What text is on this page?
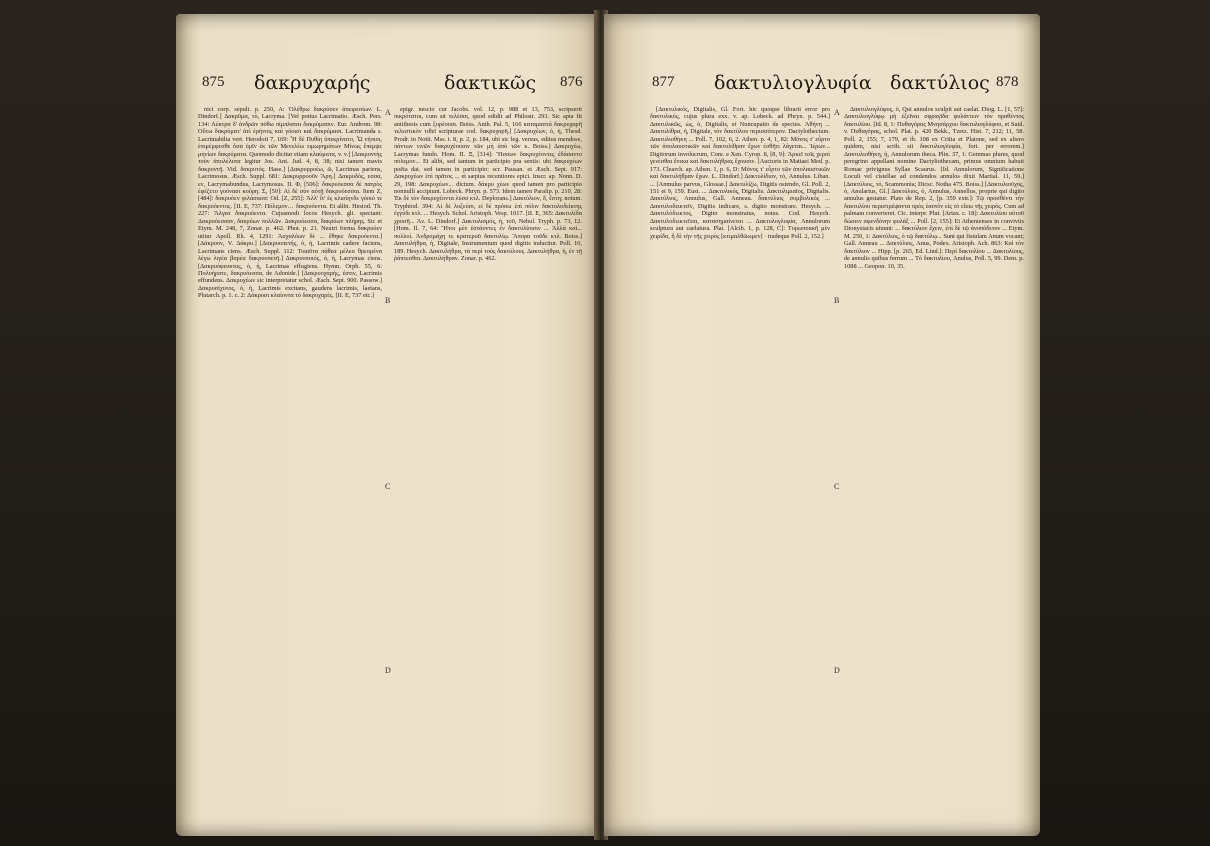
875 δακρυχαρής	δακτικῶς 876

nici corp. sepult. p. 250, A: Ὀλέθρω δακρύσεν ἀπειρεσίων. L. Dindorf.] Δακρῦμα, τὸ, Lacryma. [Vel potius Lacrimatio. Æsch. Pers. 134: Λέκτρα δ' ἀνδρῶν πόθω πίμπλαται δακρύμασιν. Eur. Androm. 98: Οὕτω δακρύματ' ἀεὶ ἐρήνοις καὶ γόοισι καὶ δακρύμασι. Lacrimanda s. Lacrimabilia vert. Herodoti 7, 169: Ἦ δὲ Πυθίη ὑπεκρίνατο, Ὦ νήπιοι, ἐπιμέμφεσθε ὅσα ὑμῖν ἐκ τῶν Μενελέω τιμωρημάτων Μίνως ἔπεμψε μηνίων δακρύματα. Quomodo dicitur etiam κλαύματα, v. v.] [Δακρυντὴς τοὺν ἀπολέλυτα legitur Jos. Ant. Jud. 4, 8, 38; nisi tamen mavis δακρυντῆ. Vid. δακρυτός. Hase.] [Δακρυρροέω, ῶ, Lacrimas pariens, Lacrimosus. Æsch. Suppl. 681: Δακρυρροοῦν Ἄρη.] Δακρυδός, εσσα, εν, Lacrymabundus, Lacrymosus. II. Φ, [506]: δακρυόεσσα δὲ πατρὸς ἐφέζετο γούνασι κούρη. Σ, [50]: Αἱ δὲ σὺν αὐτῇ δακρυόεσσαι. Item Ζ, [484]: δακρυόεν γελάσασα: Od. [Ζ, 255]: Ἀλλ' ἴτ' ἐς κλισίηνδε γόοιό τε δακρυόεντος. [II. Ε, 737: Πόλεμον… δακρυόεντα. Et alibi. Hesiod. Th. 227: Ἄλγεα δακρυόεντα. Cujusmodi locos Hesych. gli. spectant: Δακρυόεσσαν, δακρύων πολλῶν. Δακρυόεσσα, δακρύων πλήρης. Sic et Etym. M. 248, 7, Zonar. p. 462. Phot. p. 21. Neutri forma δακρυόεν utitur Apoll. Rh. 4, 1291: Ἀσχαλόων δὲ ... ἔθηκε δακρυόεντα.] [Δάκρυον, V. Δάκρυ.] [Δακρυοπετής, ὁ, ἡ, Lacrimis cadere faciens, Lacrimans ciens. Æsch. Suppl. 112: Τοιαῦτα πάθεα μέλεα θρεομένα λέγω λιγέα βαρέα δακρυοπετῆ.] Δακρυοποιός, ὁ, ἡ, Lacrymas ciens. [Δακρυόφευκτος, ὁ, ἡ, Lacrimas effugiens. Hymn. Orph. 55, 6: Πολυήρατε, δακρυόεσσα, de Adonide.] [Δακρυοχαρής, ἐστιν, Lacrimis effundens. Δακρυχέων sic interpretatur schol. Æsch. Sept. 900. Passow.] Δακρυσίχυτος, ὁ, ἡ, Lacrimis excitans, gaudens lacrimis, laetans, Plutarch. p. 1. c. 2: Δάκρυσι κλαίοντα τὸ δακρυχαρές. [II. Ε, 737 etc.]

epigr. nescio cur Jacobs. vol. 12, p. 988 et 13, 753, scripserit πικρότατοι, cum sit τελέσαι, quod edidit ad Philostr. 293. Sic apta fit antithesis cum ξυρέουσι. Boiss. Anth. Pal. 5, 166 καταμαστά δακρυχαρῆ τελεστικὸν τιθεῖ scripturae cod. δακρυχαρῆ.] [Δακρυχέων, ὁ, ἡ, Thesd. Prodr. in Notit. Mss. t. 8, p. 2, p. 184, ubi sic leg. versus, editus mendose, πάντων τινῶν δακρυχέουσιν τῶν μὴ ἀπὸ τῶν κ. Boiss.] Δακρυχέω, Lacrymas fundo. Hom. II. Ξ, [314]: Ἤσσων δακρυχέοντες ἐδάσαντο πόλεμον... Et alibi, sed tantum in participio pra sentis: ubi δακρυχέων poëta dat. sed tamen in participio: scr. Pausan. et Æsch. Sept. 917: Δακρυχέων ἐπὶ πρᾶτος ... et sæpius recentiores epici. Inscr. ap. Nonn. D. 29, 198: Δακρυχέων... dictum. δάκρυ χέων quod tamen pro participio nonnulli accipiunt. Lobeck. Phryn. p. 573. Idem tamen Paralip. p. 210, 28: Ἐκ δὲ τὸν δακρυχέοντα λύσσ κτλ. Deplorans.] Δακτύλιον, δ, ἔστη; notum. Tryphiod. 394: Αἱ δὲ λοξεύσι, εἰ δὲ πρόσω ἐπὶ πόλιν δακτυλοδείκτης ἐγγύδι κτλ. ... Hesych. Schol. Aristoph. Vesp. 1017. [II. Ε, 365: Δακτυλίδα χρυσῆ... Ἀν. L. Dindorf.] Δακτυλισμός, ἡ, τοῦ, Nebul. Tryph. p. 73, 12. [Hom. Il. 7, 64: Ἤτοι μὲν ἑστάοντες ἐν δακτυλίοισιν ... Ἀλλὰ καὶ... πολλοί. Ἀνδρομάχη τε κρατεροῦ δακτυλίῳ. Ἄπορα τοῦδε κτλ. Boiss.] Δακτυλήθρα, ἡ, Digitale, Instrumentum quod digitis inducitur. Poll. 10, 189. Hesych. Δακτυλήθρα, τὰ περὶ τοὺς δακτύλους. Δακτυλήθρα, ἡ, ἐν τῇ ῥάπτεσθαι. Δακτυλήθραν. Zonar. p. 462.

A
B
C
D
877 δακτυλιογλυφία δακτύλιος 878

[Δακτυλικός, Digitalis, Gl. Fort. hic quoque librarii error pro δακτυλικός, cujus plura exx. v. ap. Lobeck. ad Phryn. p. 544.] Δακτυλικῶς, ὡς, ὁ, Digitalis, et Nuncupatio de species. Ἀθήνη ... Δακτυλίθρα, ἡ, Digitale, τὸν δακτύλου περισσότερον. Dactylothecium. Δακτυλιοθήκη ... Poll. 7, 102, 6, 2. Athen. p. 4, 1, 82: Μόνος τ' εὗρτο τῶν ἀπολαυστικῶν καὶ δακτυλίθραν ἔχων ἐσθῆτι λάγεται... Ἱέρων... Digitorum involucrum, Com. e Xen. Cyrop. 8, [8, 9]: Ἀρκεῖ τοῖς χερσὶ γενέσθαι ἔνεκα καὶ δακτυλήθρας ἔχουσιν. [Auctoris in Mattaei Med. p. 173. Clearch. ap. Athen. 1, p. 6, D: Μόνος τ' εὗρτο τῶν ἀπολαυστικῶν καὶ δακτυλήθραν ἔχων. L. Dindorf.] Δακτυλίδιον, τὸ, Annulus. Liban. ... [Anmulus parvus, Glossae.] Δακτυλίζω, Digitis ostendo, Gl. Poll. 2, 151 et 9, 159. Eust. ... Δακτυλικός, Digitalis. Δακτυλιμιαῖος, Digitalis. Δακτύλιος, Annulus, Gall. Anneau. δακτύλιος συμβολικός ... Δακτυλοδεικτεῖν, Digitis indicare, s. digito monstrare. Hesych. ... Δακτυλόδεικτος, Digito monstratus, notus. Cod. Hesych. Δακτυλοδεικτεῖται, κατασημαίνεται ... Δακτυλογλυφία, Annulorum sculptura aut caelatura. Plat. [Alcib. 1, p. 128, C]: Τυρωποιικῆ μὲν χειρίδα, ἢ δὲ τὴν τῆς χειρὸς [κτιμαλθῶωμεν] · tradeque Poll. 2, 152.]

Δακτυλιογλύφος, ὁ, Qui annulos sculpit aut caelat. Diog. L. [1, 57]: Δακτυλιογλύφῳ μὴ ἐξεῖναι σφραγῖδα φυλάττειν τὸν πραθέντος δακτυλίου. [Id. 8, 1: Πυθαγόρας Μνησάρχου δακτυλιογλύφου, et Suid. v. Πυθαγόρας, schol. Plat. p. 420 Bekk., Tzetz. Hist. 7, 212; 11, 58. Poll. 2, 155; 7, 179, et ib. 108 ex Critia et Platone, sed ex altero quidem, nisi scrib. sit δακτυλιογλυφία, fort. per errorem.] Δακτυλιοθήκη, ἡ, Annulorum theca. Plin. 37, 1: Gemmas plures, quod peregrino appellant nomine Dactyliothecam, primus omnium habuit Romae privignus Syllae Scaurus. [Id. Annulorum, Significatione Loculi vel cistellae ad condendos annulos dixit Martial. 11, 59.] [Δακτύλιος, τό, Scammonia; Dicsc. Notha 475. Boiss.] [Δακτυλιοῦχος, ὁ, Anularius, Gl.] Δακτύλιος, ὁ, Annulus, Annellus, proprie qui digito annulus gestatur. Plato de Rep. 2, [p. 359 extr.]: Τῷ προσθέντι τὴν δακτυλίου περιστρέψαντα πρὸς ἑαυτὸν εἰς τὸ εἴσω τῆς χειρὸς. Cum ad palmam converteret. Cic. interpr. Plut. [Artax. c. 18]: Δακτυλίου αὐτοῦ δώσειν σφενδόνην φυλάξ ... Poll. [2, 155]: Et Athenienses in conviviis Dionysiacis uiuunt: ... δακτύλιον ἔχειν, ἐπὶ δὲ τῷ ἀνυπόδετον ... Etym. M. 250, 1: Δακτύλιος, ὁ τῷ δακτύλῳ... Sunt qui fistulam Anum vocant; Gall. Anneau ... Δακτύλιος, Anus, Podex. Aristoph. Ach. 863: Καὶ τὸν δακτύλιον ... Hipp. [p. 265, Ed. Lind.]: Περὶ δακτυλίου ... Δακτυλίους, de annulis quibus ferrum ... Τὸ δακτυλίου, Anulus, Poll. 5, 99. Dem. p. 1088 ... Geopon. 10, 35.

A
B
C
D
